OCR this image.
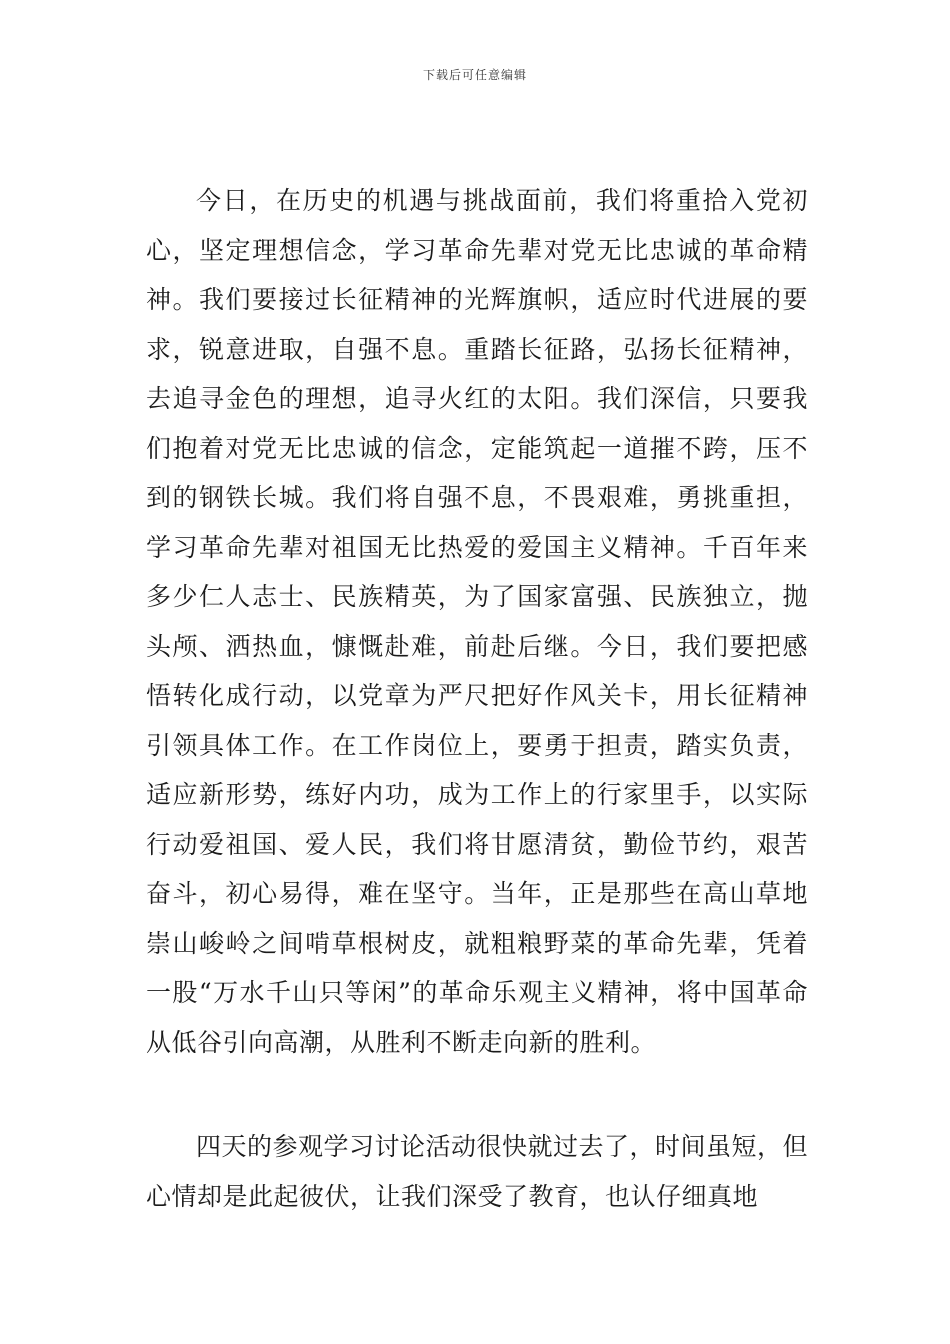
下载后可任意编辑

今日，在历史的机遇与挑战面前，我们将重拾入党初心，坚定理想信念，学习革命先辈对党无比忠诚的革命精神。我们要接过长征精神的光辉旗帜，适应时代进展的要求，锐意进取，自强不息。重踏长征路，弘扬长征精神，去追寻金色的理想，追寻火红的太阳。我们深信，只要我们抱着对党无比忠诚的信念，定能筑起一道摧不跨，压不到的钢铁长城。我们将自强不息，不畏艰难，勇挑重担，学习革命先辈对祖国无比热爱的爱国主义精神。千百年来多少仁人志士、民族精英，为了国家富强、民族独立，抛头颅、洒热血，慷慨赴难，前赴后继。今日，我们要把感悟转化成行动，以党章为严尺把好作风关卡，用长征精神引领具体工作。在工作岗位上，要勇于担责，踏实负责，适应新形势，练好内功，成为工作上的行家里手，以实际行动爱祖国、爱人民，我们将甘愿清贫，勤俭节约，艰苦奋斗，初心易得，难在坚守。当年，正是那些在高山草地崇山峻岭之间啃草根树皮，就粗粮野菜的革命先辈，凭着一股“万水千山只等闲”的革命乐观主义精神，将中国革命从低谷引向高潮，从胜利不断走向新的胜利。

四天的参观学习讨论活动很快就过去了，时间虽短，但心情却是此起彼伏，让我们深受了教育，也认仔细真地
